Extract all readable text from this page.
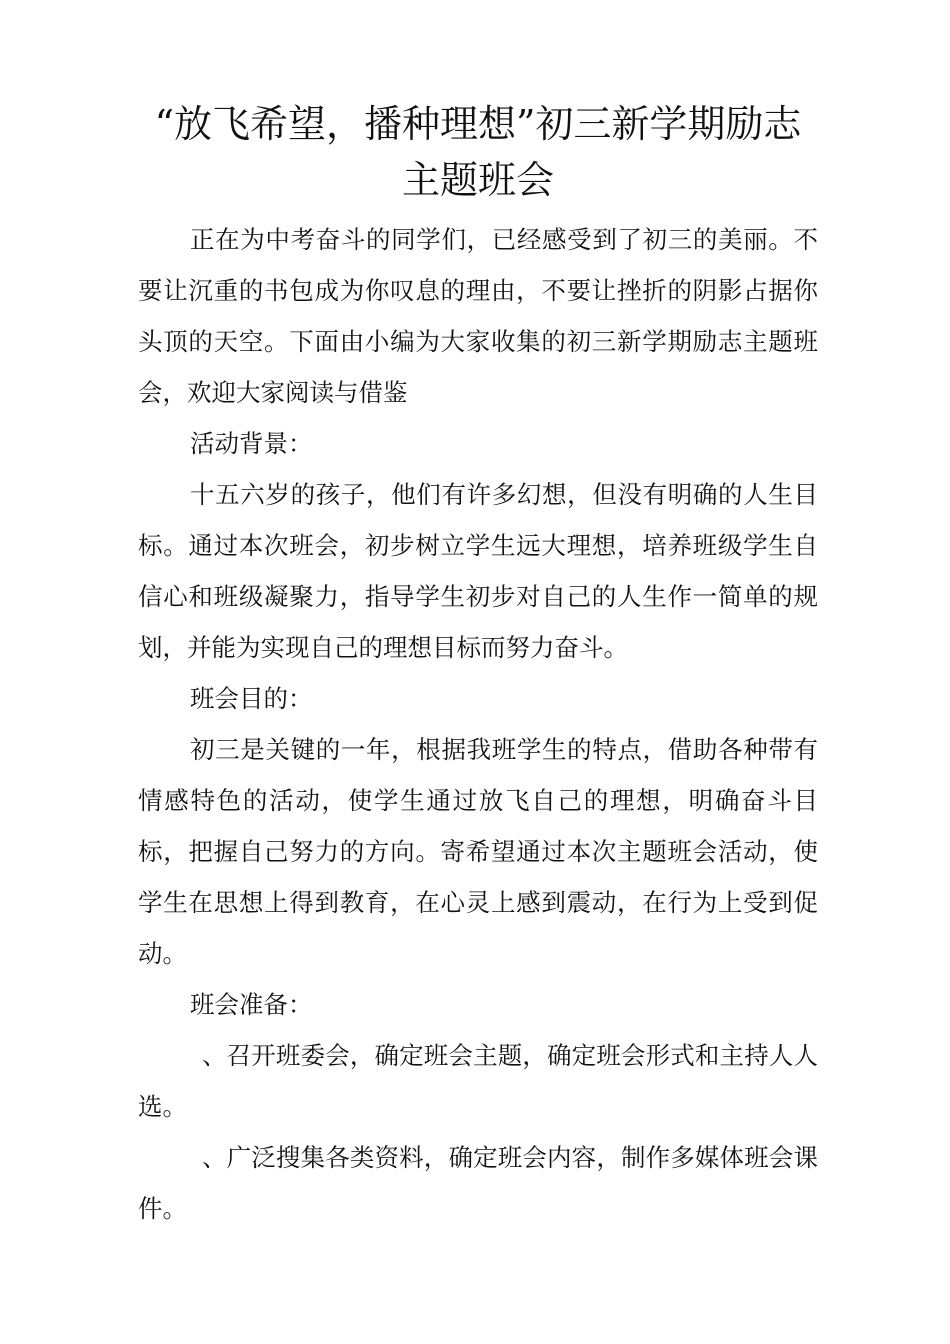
“放飞希望，播种理想”初三新学期励志主题班会

正在为中考奋斗的同学们，已经感受到了初三的美丽。不要让沉重的书包成为你叹息的理由，不要让挫折的阴影占据你头顶的天空。下面由小编为大家收集的初三新学期励志主题班会，欢迎大家阅读与借鉴

活动背景：

十五六岁的孩子，他们有许多幻想，但没有明确的人生目标。通过本次班会，初步树立学生远大理想，培养班级学生自信心和班级凝聚力，指导学生初步对自己的人生作一简单的规划，并能为实现自己的理想目标而努力奋斗。

班会目的：

初三是关键的一年，根据我班学生的特点，借助各种带有情感特色的活动，使学生通过放飞自己的理想，明确奋斗目标，把握自己努力的方向。寄希望通过本次主题班会活动，使学生在思想上得到教育，在心灵上感到震动，在行为上受到促动。

班会准备：

、召开班委会，确定班会主题，确定班会形式和主持人人选。

、广泛搜集各类资料，确定班会内容，制作多媒体班会课件。
